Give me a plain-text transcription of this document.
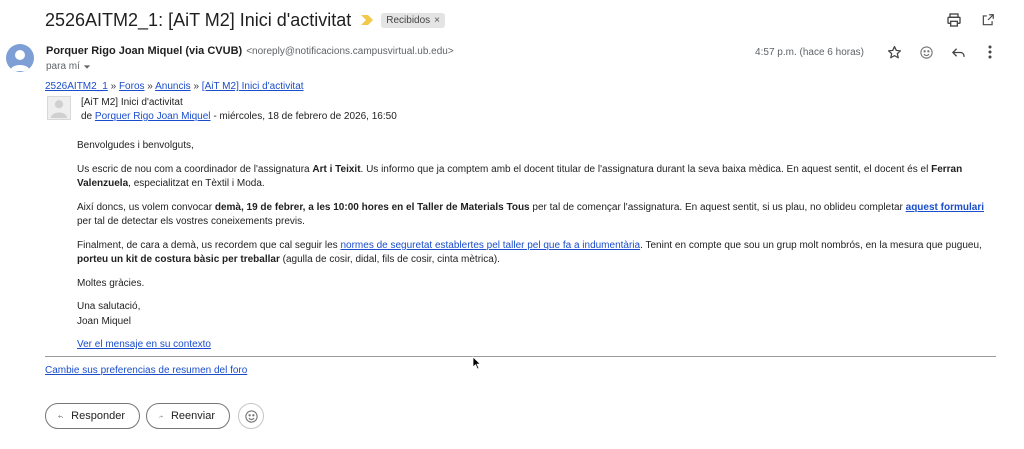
2526AITM2_1: [AiT M2] Inici d'activitat	Recibidos ×
Porquer Rigo Joan Miquel (via CVUB) <noreply@notificacions.campusvirtual.ub.edu>
para mí
4:57 p.m. (hace 6 horas)
2526AITM2_1 » Foros » Anuncis » [AiT M2] Inici d'activitat
[AiT M2] Inici d'activitat
de Porquer Rigo Joan Miquel - miércoles, 18 de febrero de 2026, 16:50

Benvolgudes i benvolguts,

Us escric de nou com a coordinador de l'assignatura Art i Teixit. Us informo que ja comptem amb el docent titular de l'assignatura durant la seva baixa mèdica. En aquest sentit, el docent és el Ferran Valenzuela, especialitzat en Tèxtil i Moda.

Així doncs, us volem convocar demà, 19 de febrer, a les 10:00 hores en el Taller de Materials Tous per tal de començar l'assignatura. En aquest sentit, si us plau, no oblideu completar aquest formulari per tal de detectar els vostres coneixements previs.

Finalment, de cara a demà, us recordem que cal seguir les normes de seguretat establertes pel taller pel que fa a indumentària. Tenint en compte que sou un grup molt nombrós, en la mesura que pugueu, porteu un kit de costura bàsic per treballar (agulla de cosir, didal, fils de cosir, cinta mètrica).

Moltes gràcies.

Una salutació,

Joan Miquel

Ver el mensaje en su contexto

Cambie sus preferencias de resumen del foro
Responder	Reenviar
